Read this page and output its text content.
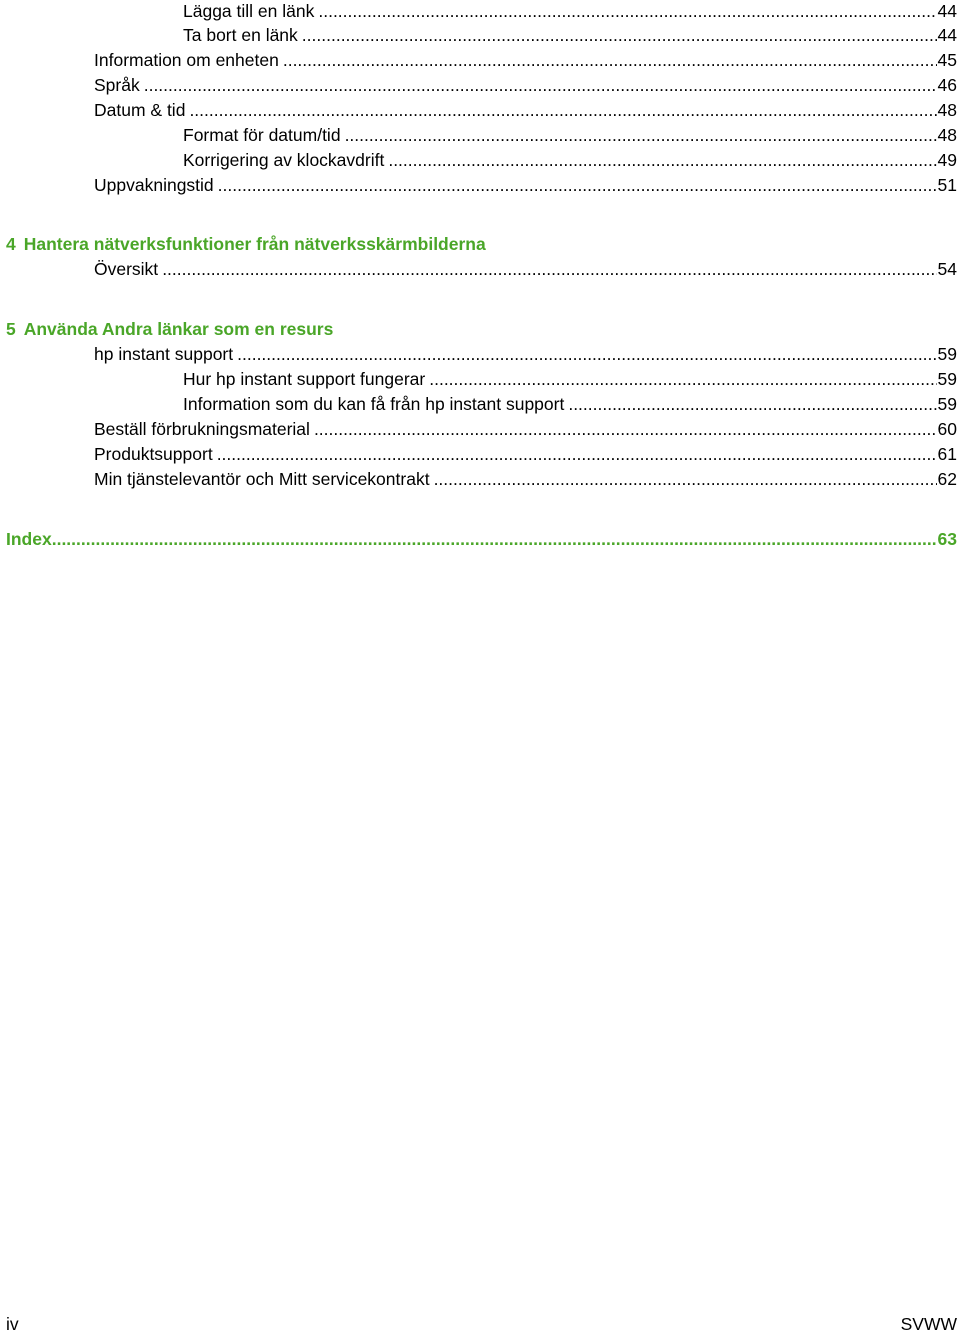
Lägga till en länk .....	44
Ta bort en länk .....	44
Information om enheten .....	45
Språk .....	46
Datum & tid .....	48
Format för datum/tid .....	48
Korrigering av klockavdrift .....	49
Uppvakningstid .....	51
4 Hantera nätverksfunktioner från nätverksskärmbilderna
Översikt .....	54
5 Använda Andra länkar som en resurs
hp instant support .....	59
Hur hp instant support fungerar .....	59
Information som du kan få från hp instant support .....	59
Beställ förbrukningsmaterial .....	60
Produktsupport .....	61
Min tjänstelevantör och Mitt servicekontrakt .....	62
Index .....	63
iv	SVWW
